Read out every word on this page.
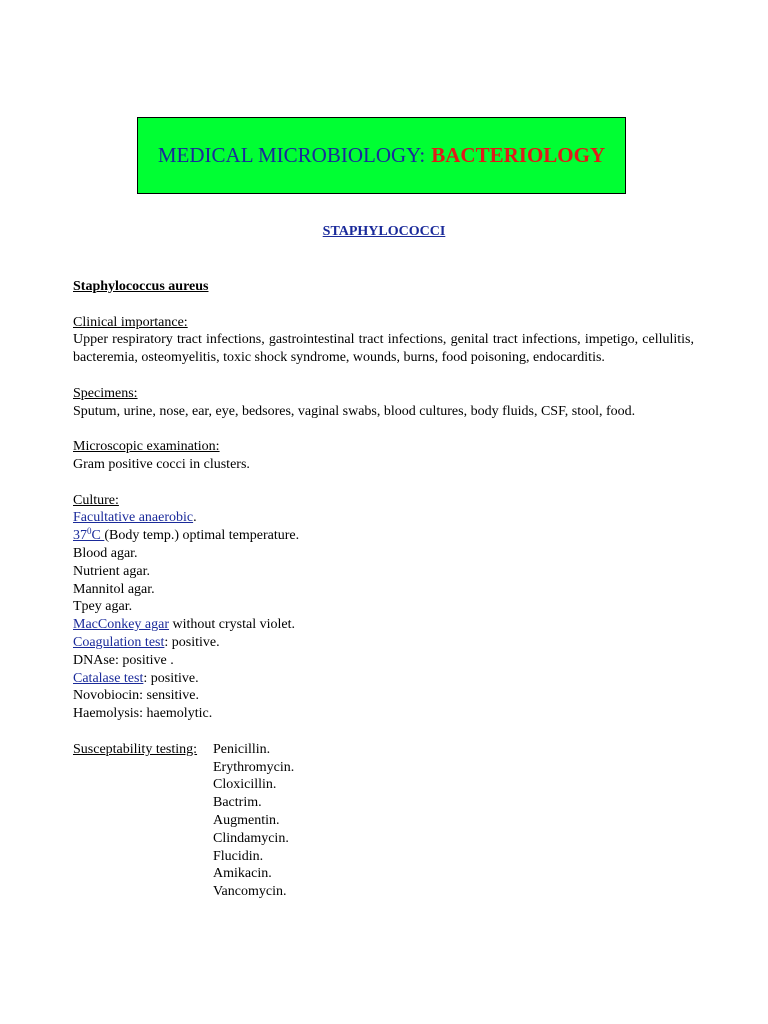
MEDICAL MICROBIOLOGY: BACTERIOLOGY
STAPHYLOCOCCI

Staphylococcus aureus

Clinical importance:

Upper respiratory tract infections, gastrointestinal tract infections, genital tract infections, impetigo, cellulitis, bacteremia, osteomyelitis, toxic shock syndrome, wounds, burns, food poisoning, endocarditis.

Specimens:

Sputum, urine, nose, ear, eye, bedsores, vaginal swabs, blood cultures, body fluids, CSF, stool, food.

Microscopic examination:

Gram positive cocci in clusters.

Culture:

Facultative anaerobic.

$37^0C$ (Body temp.) optimal temperature.

Blood agar.

Nutrient agar.

Mannitol agar.

Tpey agar.

MacConkey agar without crystal violet.

Coagulation test: positive.

DNAse: positive .

Catalase test: positive.

Novobiocin: sensitive.

Haemolysis: haemolytic.

Susceptability testing:	Penicillin.
Erythromycin.
Cloxicillin.
Bactrim.
Augmentin.
Clindamycin.
Flucidin.
Amikacin.
Vancomycin.
